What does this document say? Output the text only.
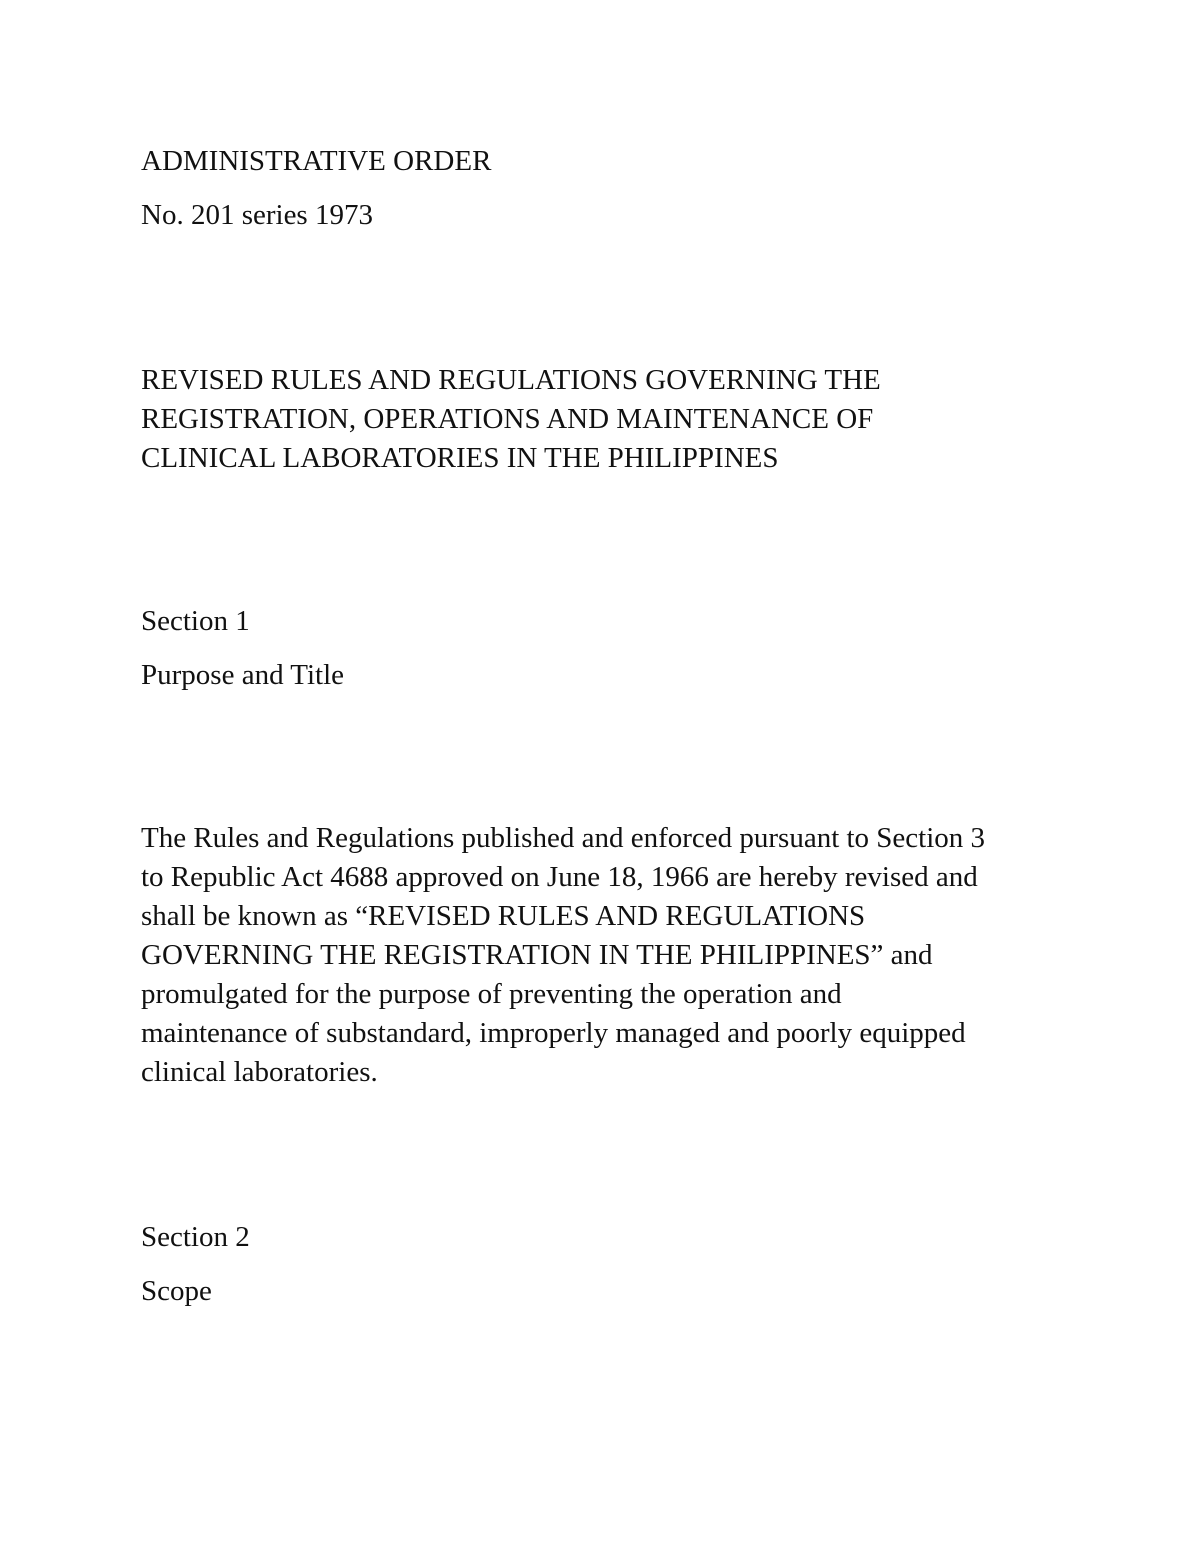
ADMINISTRATIVE ORDER
No. 201 series 1973
REVISED RULES AND REGULATIONS GOVERNING THE
REGISTRATION, OPERATIONS AND MAINTENANCE OF
CLINICAL LABORATORIES IN THE PHILIPPINES
Section 1
Purpose and Title
The Rules and Regulations published and enforced pursuant to Section 3
to Republic Act 4688 approved on June 18, 1966 are hereby revised and
shall be known as “REVISED RULES AND REGULATIONS
GOVERNING THE REGISTRATION IN THE PHILIPPINES” and
promulgated for the purpose of preventing the operation and
maintenance of substandard, improperly managed and poorly equipped
clinical laboratories.
Section 2
Scope
